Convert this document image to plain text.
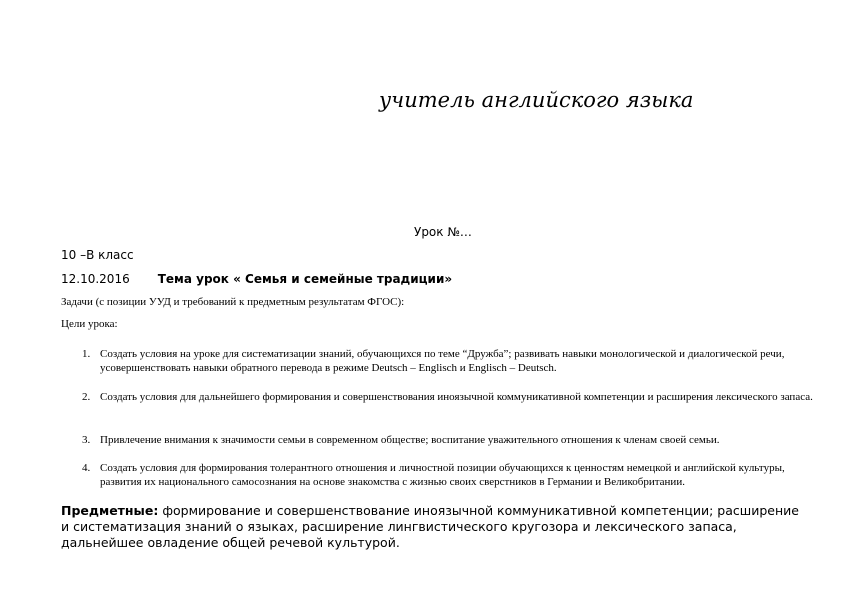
учитель английского языка
Урок №…
10 –В класс
12.10.2016 Тема урок « Семья и семейные традиции»
Задачи (с позиции УУД и требований к предметным результатам ФГОС):
Цели урока:
1. Создать условия на уроке для систематизации знаний, обучающихся по теме “Дружба”; развивать навыки монологической и диалогической речи, усовершенствовать навыки обратного перевода в режиме Deutsch – Englisch и Englisch – Deutsch.
2. Создать условия для дальнейшего формирования и совершенствования иноязычной коммуникативной компетенции и расширения лексического запаса.
3. Привлечение внимания к значимости семьи в современном обществе; воспитание уважительного отношения к членам своей семьи.
4. Создать условия для формирования толерантного отношения и личностной позиции обучающихся к ценностям немецкой и английской культуры, развития их национального самосознания на основе знакомства с жизнью своих сверстников в Германии и Великобритании.
Предметные: формирование и совершенствование иноязычной коммуникативной компетенции; расширение и систематизация знаний о языках, расширение лингвистического кругозора и лексического запаса, дальнейшее овладение общей речевой культурой.
